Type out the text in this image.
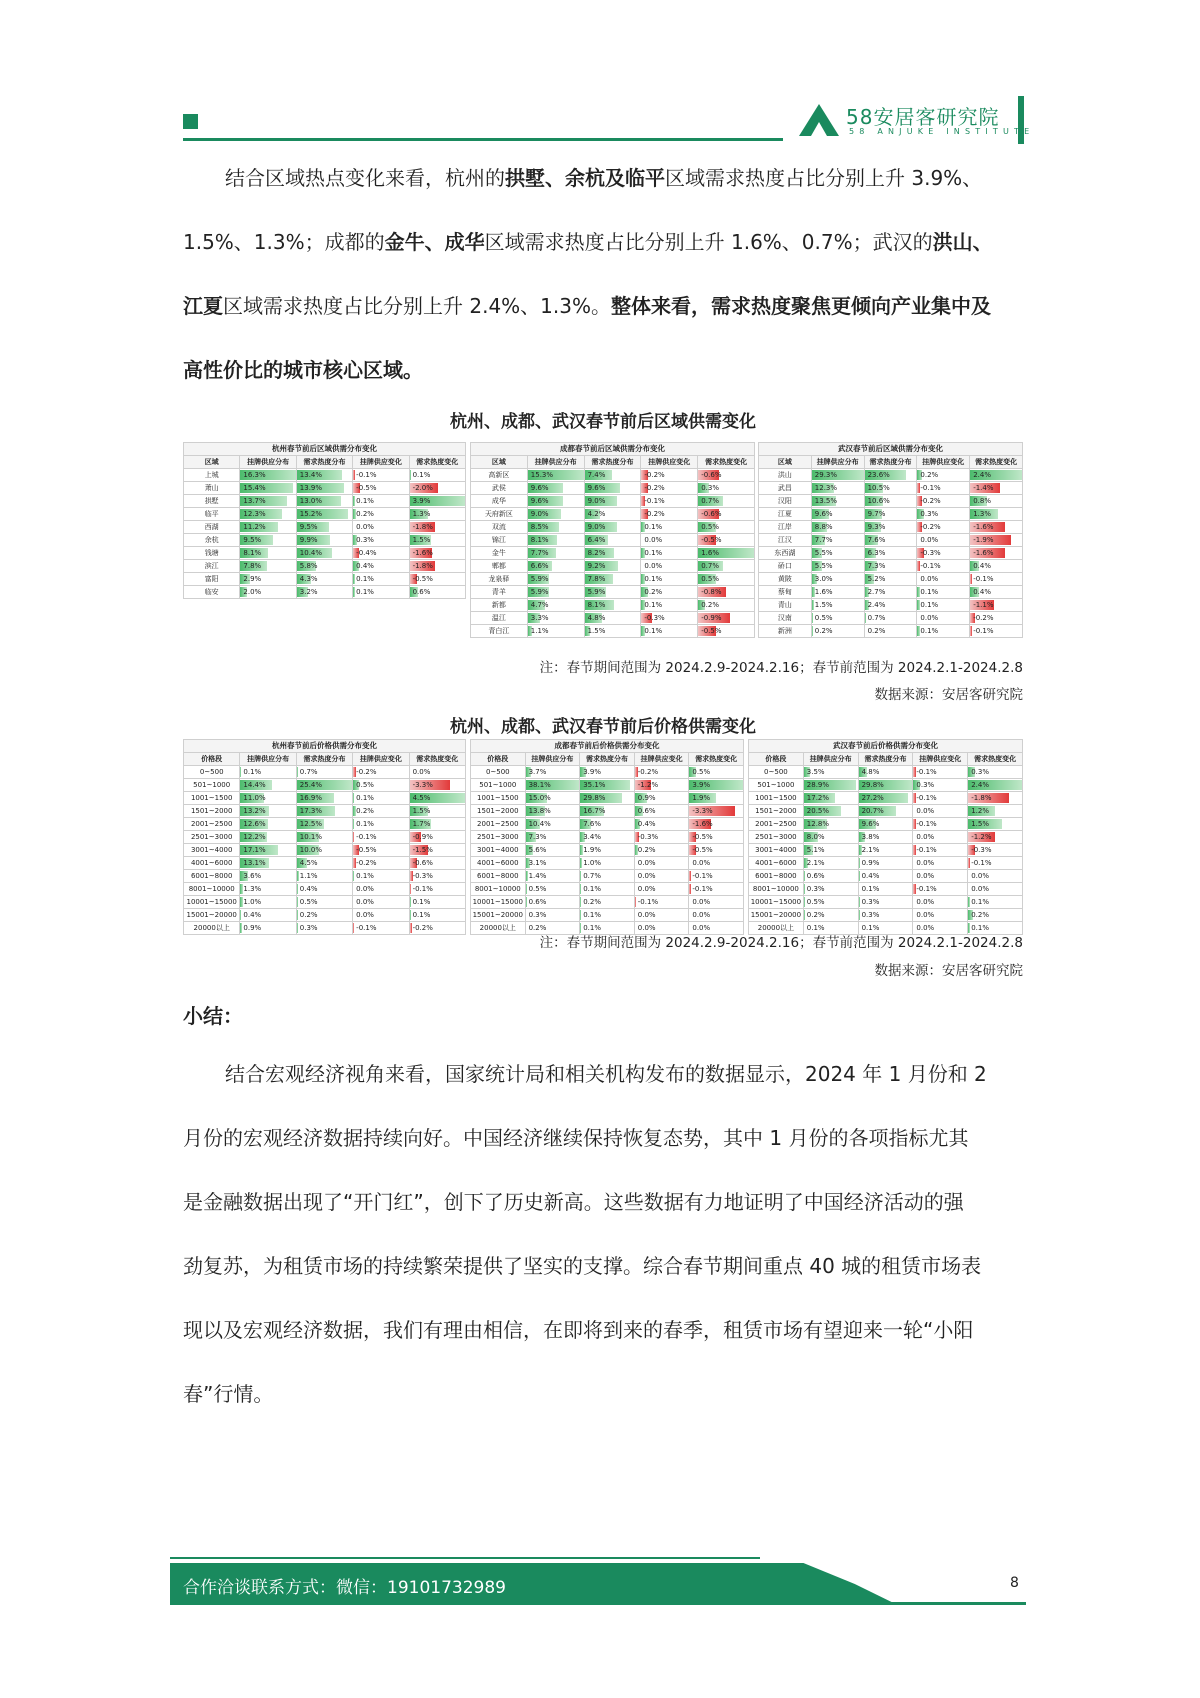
58安居客研究院
58 ANJUKE INSTITUTE
结合区域热点变化来看，杭州的拱墅、余杭及临平区域需求热度占比分别上升 3.9%、
1.5%、1.3%；成都的金牛、成华区域需求热度占比分别上升 1.6%、0.7%；武汉的洪山、
江夏区域需求热度占比分别上升 2.4%、1.3%。整体来看，需求热度聚焦更倾向产业集中及
高性价比的城市核心区域。
杭州、成都、武汉春节前后区域供需变化
杭州春节前后区域供需分布变化				
区域	挂牌供应分布	需求热度分布	挂牌供应变化	需求热度变化
上城	16.3%	13.4%	-0.1%	0.1%
萧山	15.4%	13.9%	-0.5%	-2.0%
拱墅	13.7%	13.0%	0.1%	3.9%
临平	12.3%	15.2%	0.2%	1.3%
西湖	11.2%	9.5%	0.0%	-1.8%
余杭	9.5%	9.9%	0.3%	1.5%
钱塘	8.1%	10.4%	-0.4%	-1.6%
滨江	7.8%	5.8%	0.4%	-1.8%
富阳	2.9%	4.3%	0.1%	-0.5%
临安	2.0%	3.2%	0.1%	0.6%
成都春节前后区域供需分布变化				
区域	挂牌供应分布	需求热度分布	挂牌供应变化	需求热度变化
高新区	15.3%	7.4%	-0.2%	-0.6%
武侯	9.6%	9.6%	-0.2%	0.3%
成华	9.6%	9.0%	-0.1%	0.7%
天府新区	9.0%	4.2%	-0.2%	-0.6%
双流	8.5%	9.0%	0.1%	0.5%
锦江	8.1%	6.4%	0.0%	-0.5%
金牛	7.7%	8.2%	0.1%	1.6%
郫都	6.6%	9.2%	0.0%	0.7%
龙泉驿	5.9%	7.8%	0.1%	0.5%
青羊	5.9%	5.9%	0.2%	-0.8%
新都	4.7%	8.1%	0.1%	0.2%
温江	3.3%	4.8%	-0.3%	-0.9%
青白江	1.1%	1.5%	0.1%	-0.5%
武汉春节前后区域供需分布变化				
区域	挂牌供应分布	需求热度分布	挂牌供应变化	需求热度变化
洪山	29.3%	23.6%	0.2%	2.4%
武昌	12.3%	10.5%	-0.1%	-1.4%
汉阳	13.5%	10.6%	-0.2%	0.8%
江夏	9.6%	9.7%	0.3%	1.3%
江岸	8.8%	9.3%	-0.2%	-1.6%
江汉	7.7%	7.6%	0.0%	-1.9%
东西湖	5.5%	6.3%	-0.3%	-1.6%
硚口	5.5%	7.3%	-0.1%	0.4%
黄陂	3.0%	5.2%	0.0%	-0.1%
蔡甸	1.6%	2.7%	0.1%	0.4%
青山	1.5%	2.4%	0.1%	-1.1%
汉南	0.5%	0.7%	0.0%	-0.2%
新洲	0.2%	0.2%	0.1%	-0.1%
注：春节期间范围为 2024.2.9-2024.2.16；春节前范围为 2024.2.1-2024.2.8
数据来源：安居客研究院
杭州、成都、武汉春节前后价格供需变化
杭州春节前后价格供需分布变化				
价格段	挂牌供应分布	需求热度分布	挂牌供应变化	需求热度变化
0~500	0.1%	0.7%	-0.2%	0.0%
501~1000	14.4%	25.4%	0.5%	-3.3%
1001~1500	11.0%	16.9%	0.1%	4.5%
1501~2000	13.2%	17.3%	0.2%	1.5%
2001~2500	12.6%	12.5%	0.1%	1.7%
2501~3000	12.2%	10.1%	-0.1%	-0.9%
3001~4000	17.1%	10.0%	-0.5%	-1.5%
4001~6000	13.1%	4.5%	-0.2%	-0.6%
6001~8000	3.6%	1.1%	0.1%	-0.3%
8001~10000	1.3%	0.4%	0.0%	-0.1%
10001~15000	1.0%	0.5%	0.0%	0.1%
15001~20000	0.4%	0.2%	0.0%	0.1%
20000以上	0.9%	0.3%	-0.1%	-0.2%
成都春节前后价格供需分布变化				
价格段	挂牌供应分布	需求热度分布	挂牌供应变化	需求热度变化
0~500	3.7%	3.9%	-0.2%	0.5%
501~1000	38.1%	35.1%	-1.2%	3.9%
1001~1500	15.0%	29.8%	0.9%	1.9%
1501~2000	13.8%	16.7%	0.6%	-3.3%
2001~2500	10.4%	7.6%	0.4%	-1.6%
2501~3000	7.3%	3.4%	-0.3%	-0.5%
3001~4000	5.6%	1.9%	0.2%	-0.5%
4001~6000	3.1%	1.0%	0.0%	0.0%
6001~8000	1.4%	0.7%	0.0%	-0.1%
8001~10000	0.5%	0.1%	0.0%	-0.1%
10001~15000	0.6%	0.2%	-0.1%	0.0%
15001~20000	0.3%	0.1%	0.0%	0.0%
20000以上	0.2%	0.1%	0.0%	0.0%
武汉春节前后价格供需分布变化				
价格段	挂牌供应分布	需求热度分布	挂牌供应变化	需求热度变化
0~500	3.5%	4.8%	-0.1%	0.3%
501~1000	28.9%	29.8%	0.3%	2.4%
1001~1500	17.2%	27.2%	-0.1%	-1.8%
1501~2000	20.5%	20.7%	0.0%	1.2%
2001~2500	12.8%	9.6%	-0.1%	1.5%
2501~3000	8.0%	3.8%	0.0%	-1.2%
3001~4000	5.1%	2.1%	-0.1%	-0.3%
4001~6000	2.1%	0.9%	0.0%	-0.1%
6001~8000	0.6%	0.4%	0.0%	0.0%
8001~10000	0.3%	0.1%	-0.1%	0.0%
10001~15000	0.5%	0.3%	0.0%	0.1%
15001~20000	0.2%	0.3%	0.0%	0.2%
20000以上	0.1%	0.1%	0.0%	0.1%
注：春节期间范围为 2024.2.9-2024.2.16；春节前范围为 2024.2.1-2024.2.8
数据来源：安居客研究院
小结：
结合宏观经济视角来看，国家统计局和相关机构发布的数据显示，2024 年 1 月份和 2
月份的宏观经济数据持续向好。中国经济继续保持恢复态势，其中 1 月份的各项指标尤其
是金融数据出现了“开门红”，创下了历史新高。这些数据有力地证明了中国经济活动的强
劲复苏，为租赁市场的持续繁荣提供了坚实的支撑。综合春节期间重点 40 城的租赁市场表
现以及宏观经济数据，我们有理由相信，在即将到来的春季，租赁市场有望迎来一轮“小阳
春”行情。
合作洽谈联系方式：微信：19101732989	8
